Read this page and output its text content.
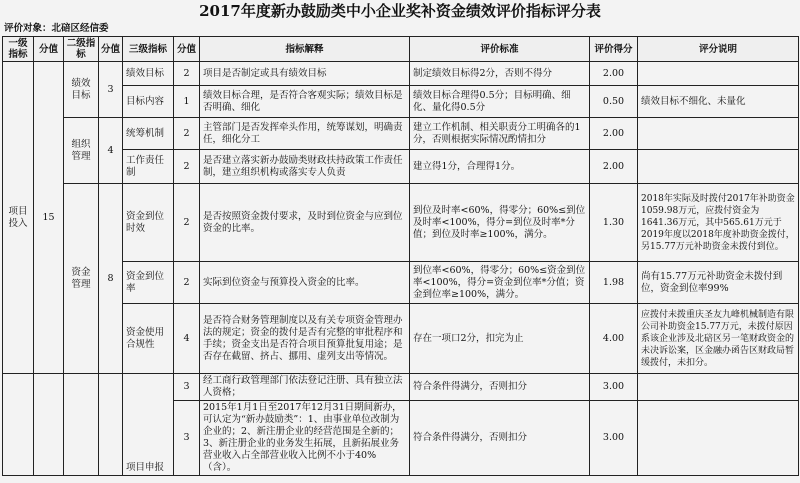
2017年度新办鼓励类中小企业奖补资金绩效评价指标评分表
评价对象：北碚区经信委
一级指标	分值	二级指标	分值	三级指标	分值	指标解释	评价标准	评价得分	评分说明
项目投入	15	绩效目标	3	绩效目标	2	项目是否制定或具有绩效目标	制定绩效目标得2分，否则不得分	2.00	
				目标内容	1	绩效目标合理，是否符合客观实际；绩效目标是否明确、细化	绩效目标合理得0.5分；目标明确、细化、量化得0.5分	0.50	绩效目标不细化、未量化
		组织管理	4	统筹机制	2	主管部门是否发挥牵头作用，统筹谋划，明确责任，细化分工	建立工作机制、相关职责分工明确各的1分，否则根据实际情况酌情扣分	2.00	
				工作责任制	2	是否建立落实新办鼓励类财政扶持政策工作责任制，建立组织机构或落实专人负责	建立得1分，合理得1分。	2.00	
		资金管理	8	资金到位时效	2	是否按照资金拨付要求，及时到位资金与应到位资金的比率。	到位及时率<60%，得零分；60%≤到位及时率<100%，得分=到位及时率*分值；到位及时率≥100%，满分。	1.30	2018年实际及时拨付2017年补助资金1059.98万元，应拨付资金为1641.36万元，其中565.61万元于2019年度以2018年度补助资金拨付，另15.77万元补助资金未拨付到位。
				资金到位率	2	实际到位资金与预算投入资金的比率。	到位率<60%，得零分；60%≤资金到位率<100%，得分=资金到位率*分值；资金到位率≥100%，满分。	1.98	尚有15.77万元补助资金未拨付到位，资金到位率99%
				资金使用合规性	4	是否符合财务管理制度以及有关专项资金管理办法的规定；资金的拨付是否有完整的审批程序和手续；资金支出是否符合项目预算批复用途；是否存在截留、挤占、挪用、虚列支出等情况。	存在一项口2分，扣完为止	4.00	应拨付未拨重庆圣友九峰机械制造有限公司补助资金15.77万元，未拨付原因系该企业涉及北碚区另一笔财政资金的未决诉讼案，区金融办函告区财政局暂缓拨付，未扣分。
				项目申报	3	经工商行政管理部门依法登记注册、具有独立法人资格；	符合条件得满分，否则扣分	3.00	
					3	2015年1月1日至2017年12月31日期间新办，可认定为“新办鼓励类”：1、由事业单位改制为企业的；2、新注册企业的经营范围是全新的；3、新注册企业的业务发生拓展，且新拓展业务营业收入占全部营业收入比例不小于40%（含）。	符合条件得满分，否则扣分	3.00	
